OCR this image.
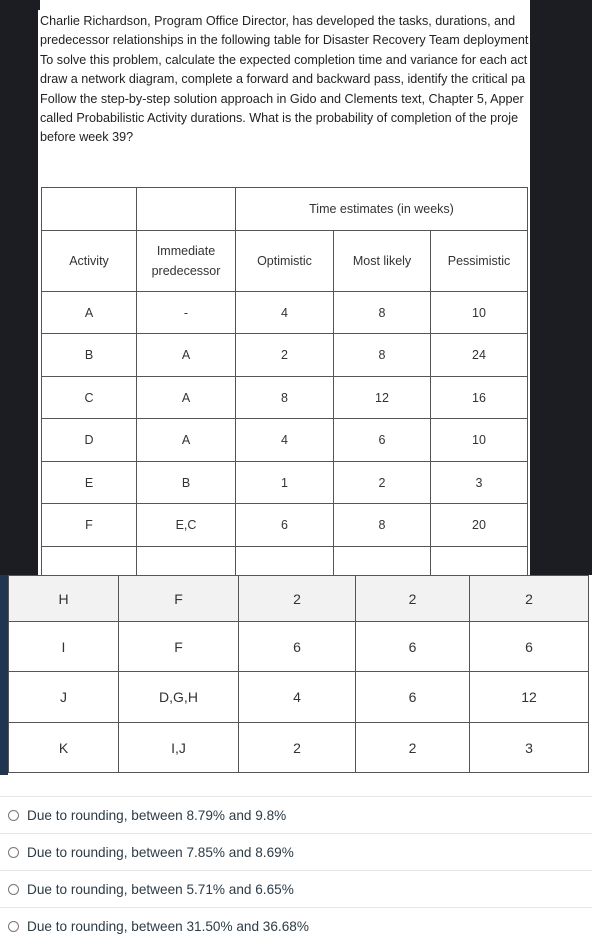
Charlie Richardson, Program Office Director, has developed the tasks, durations, and
predecessor relationships in the following table for Disaster Recovery Team deployment
To solve this problem, calculate the expected completion time and variance for each act
draw a network diagram, complete a forward and backward pass, identify the critical pa
Follow the step-by-step solution approach in Gido and Clements text, Chapter 5, Apper
called Probabilistic Activity durations. What is the probability of completion of the proje
before week 39?
		Time estimates (in weeks)		
Activity	Immediate predecessor	Optimistic	Most likely	Pessimistic
A	-	4	8	10
B	A	2	8	24
C	A	8	12	16
D	A	4	6	10
E	B	1	2	3
F	E,C	6	8	20
G	E,C	2	3	4
H	F	2	2	2
I	F	6	6	6
J	D,G,H	4	6	12
K	I,J	2	2	3
Due to rounding, between 8.79% and 9.8%
Due to rounding, between 7.85% and 8.69%
Due to rounding, between 5.71% and 6.65%
Due to rounding, between 31.50% and 36.68%
